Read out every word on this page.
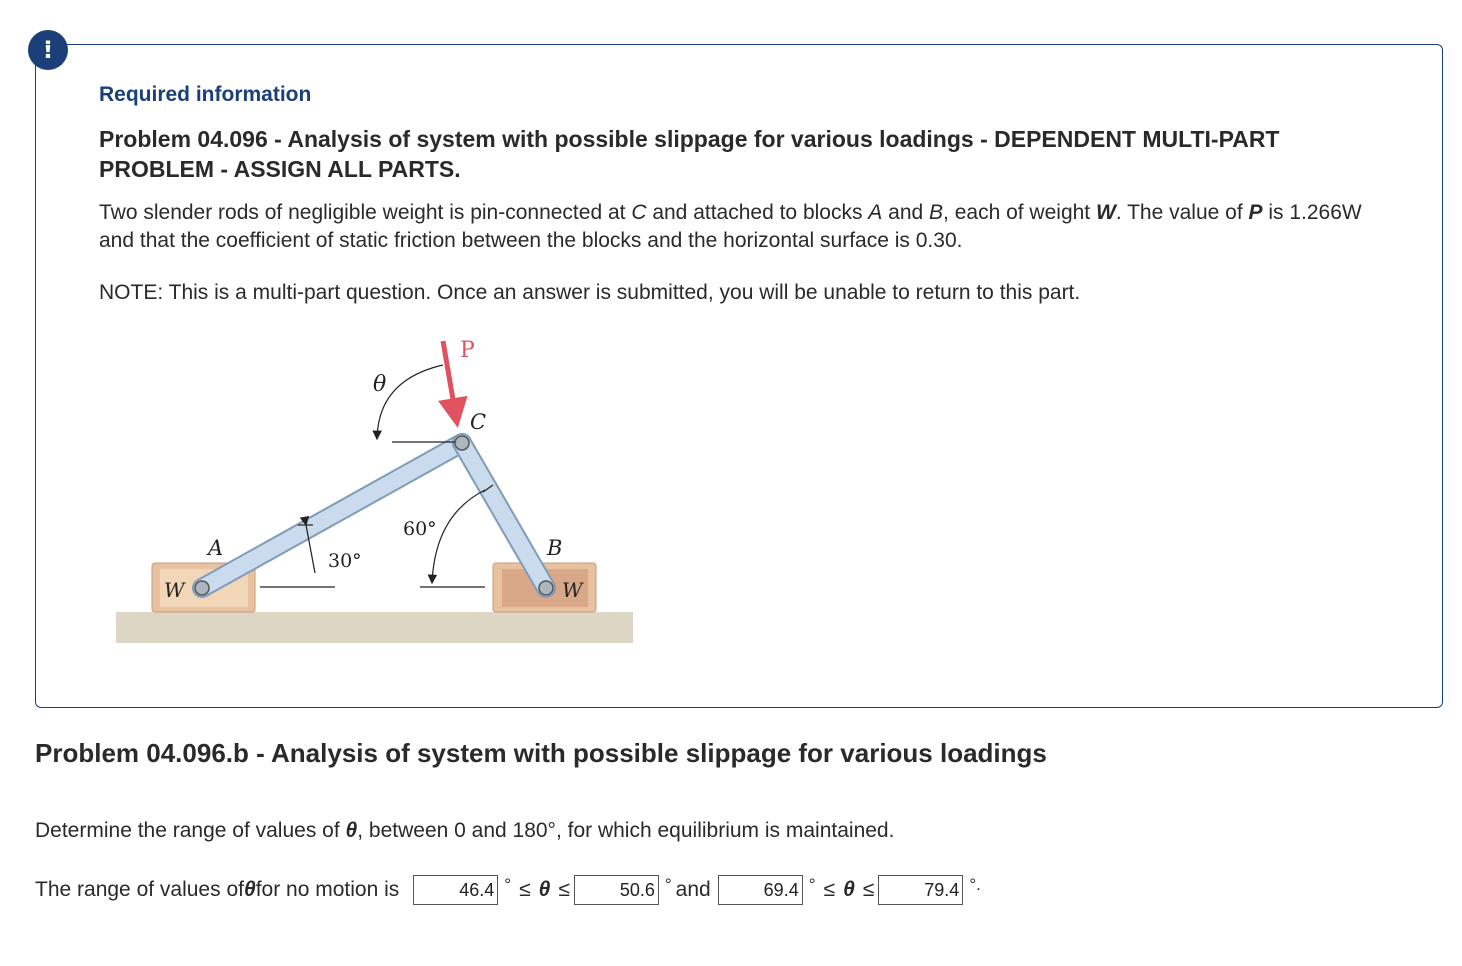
!
Required information
Problem 04.096 - Analysis of system with possible slippage for various loadings - DEPENDENT MULTI-PART PROBLEM - ASSIGN ALL PARTS.
Two slender rods of negligible weight is pin-connected at C and attached to blocks A and B, each of weight W. The value of P is 1.266W and that the coefficient of static friction between the blocks and the horizontal surface is 0.30.
NOTE: This is a multi-part question. Once an answer is submitted, you will be unable to return to this part.
P
C
θ
A	B
W	W
30°
60°
Problem 04.096.b - Analysis of system with possible slippage for various loadings
Determine the range of values of θ, between 0 and 180°, for which equilibrium is maintained.
The range of values of θ for no motion is
46.4	° ≤ θ ≤
50.6	° and
69.4	° ≤ θ ≤
79.4	°.
